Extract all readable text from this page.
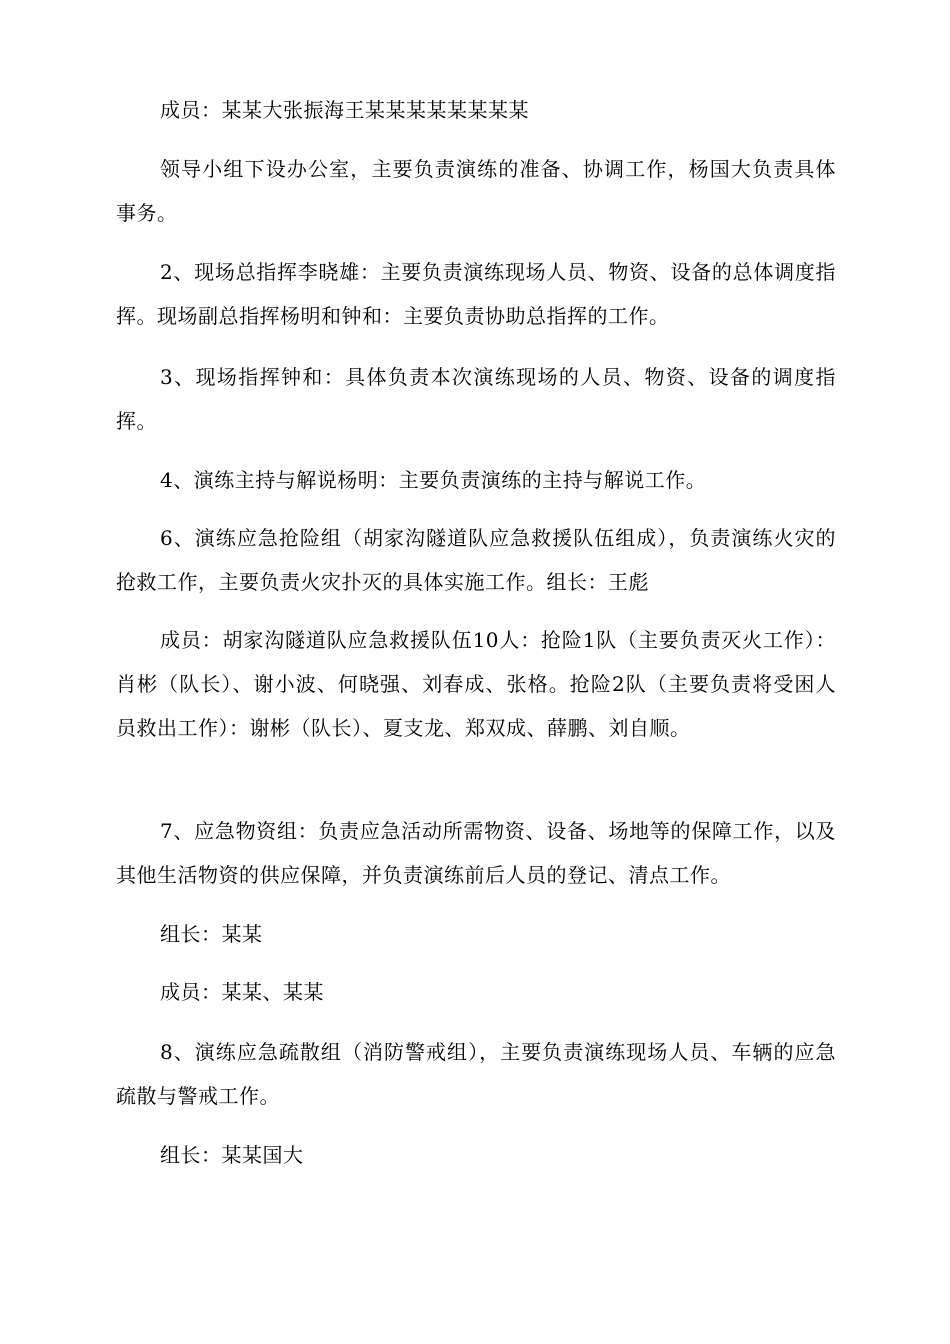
成员：某某大张振海王某某某某某某某某

领导小组下设办公室，主要负责演练的准备、协调工作，杨国大负责具体事务。

2、现场总指挥李晓雄：主要负责演练现场人员、物资、设备的总体调度指挥。现场副总指挥杨明和钟和：主要负责协助总指挥的工作。

3、现场指挥钟和：具体负责本次演练现场的人员、物资、设备的调度指挥。

4、演练主持与解说杨明：主要负责演练的主持与解说工作。

6、演练应急抢险组（胡家沟隧道队应急救援队伍组成），负责演练火灾的抢救工作，主要负责火灾扑灭的具体实施工作。组长：王彪

成员：胡家沟隧道队应急救援队伍10人：抢险1队（主要负责灭火工作）：肖彬（队长）、谢小波、何晓强、刘春成、张格。抢险2队（主要负责将受困人员救出工作）：谢彬（队长）、夏支龙、郑双成、薛鹏、刘自顺。

7、应急物资组：负责应急活动所需物资、设备、场地等的保障工作，以及其他生活物资的供应保障，并负责演练前后人员的登记、清点工作。

组长：某某

成员：某某、某某

8、演练应急疏散组（消防警戒组），主要负责演练现场人员、车辆的应急疏散与警戒工作。

组长：某某国大
